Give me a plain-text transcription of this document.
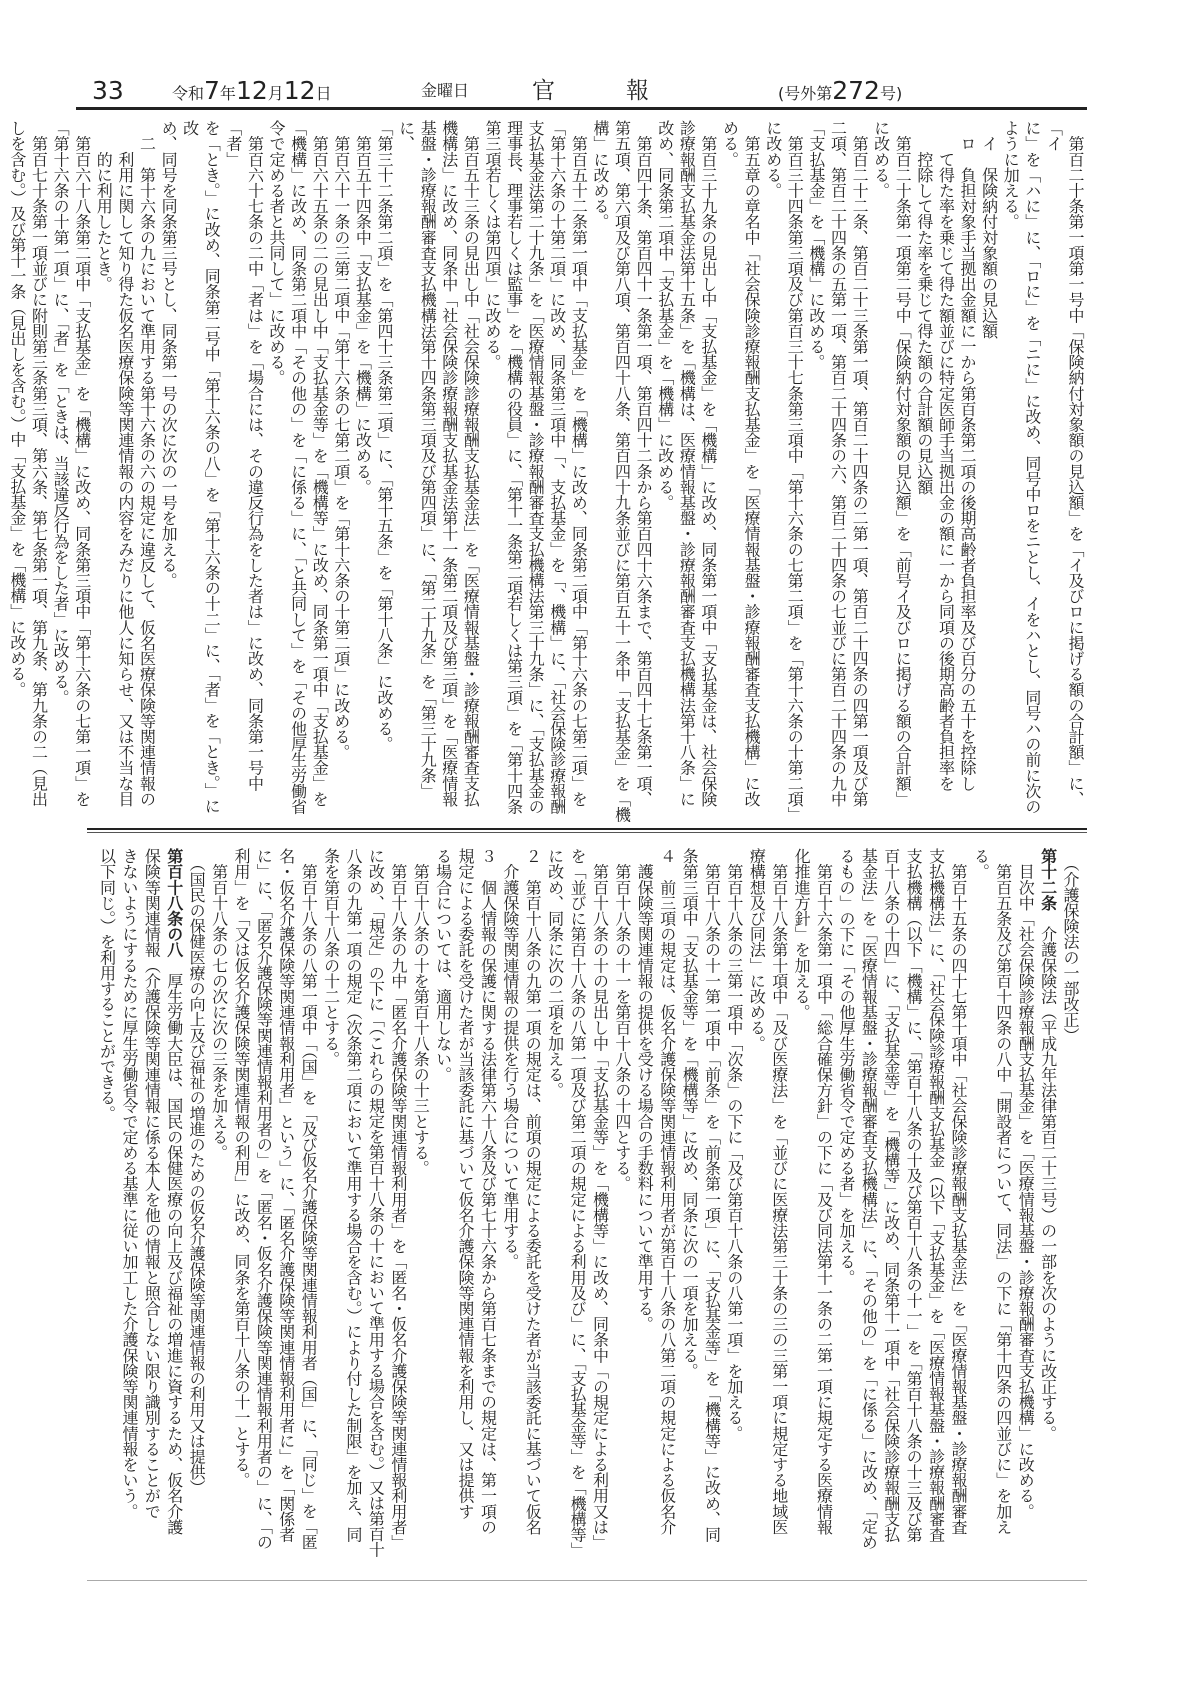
33	令和7年12月12日	金曜日	官	報	(号外第272号)
　第百二十条第一項第一号中「保険納付対象額の見込額」を「イ及びロに掲げる額の合計額」に、「イ
に」を「ハに」に、「ロに」を「ニに」に改め、同号中ロをニとし、イをハとし、同号ハの前に次の
ように加える。
　イ　保険納付対象額の見込額
　ロ　負担対象手当拠出金額に一から第百条第二項の後期高齢者負担率及び百分の五十を控除し
　　て得た率を乗じて得た額並びに特定医師手当拠出金の額に一から同項の後期高齢者負担率を
　　控除して得た率を乗じて得た額の合計額の見込額
　第百二十条第一項第二号中「保険納付対象額の見込額」を「前号イ及びロに掲げる額の合計額」
に改める。
　第百二十二条、第百二十三条第一項、第百二十四条の二第一項、第百二十四条の四第一項及び第
二項、第百二十四条の五第一項、第百二十四条の六、第百二十四条の七並びに第百二十四条の九中
「支払基金」を「機構」に改める。
　第百三十四条第三項及び第百三十七条第三項中「第十六条の七第二項」を「第十六条の十第二項」
に改める。
　第五章の章名中「社会保険診療報酬支払基金」を「医療情報基盤・診療報酬審査支払機構」に改
める。
　第百三十九条の見出し中「支払基金」を「機構」に改め、同条第一項中「支払基金は、社会保険
診療報酬支払基金法第十五条」を「機構は、医療情報基盤・診療報酬審査支払機構法第十八条」に
改め、同条第二項中「支払基金」を「機構」に改める。
　第百四十条、第百四十一条第一項、第百四十二条から第百四十六条まで、第百四十七条第一項、
第五項、第六項及び第八項、第百四十八条、第百四十九条並びに第百五十一条中「支払基金」を「機
構」に改める。
　第百五十二条第一項中「支払基金」を「機構」に改め、同条第二項中「第十六条の七第二項」を
「第十六条の十第二項」に改め、同条第三項中「、支払基金」を「、機構」に、「社会保険診療報酬
支払基金法第二十九条」を「医療情報基盤・診療報酬審査支払機構法第三十九条」に、「支払基金の
理事長、理事若しくは監事」を「機構の役員」に、「第十一条第二項若しくは第三項」を「第十四条
第三項若しくは第四項」に改める。
　第百五十三条の見出し中「社会保険診療報酬支払基金法」を「医療情報基盤・診療報酬審査支払
機構法」に改め、同条中「社会保険診療報酬支払基金法第十一条第二項及び第三項」を「医療情報
基盤・診療報酬審査支払機構法第十四条第三項及び第四項」に、「第二十九条」を「第三十九条」に、
「第三十二条第二項」を「第四十三条第二項」に、「第十五条」を「第十八条」に改める。
　第百五十四条中「支払基金」を「機構」に改める。
　第百六十一条の三第二項中「第十六条の七第二項」を「第十六条の十第二項」に改める。
　第百六十五条の二の見出し中「支払基金等」を「機構等」に改め、同条第一項中「支払基金」を
「機構」に改め、同条第二項中「その他の」を「に係る」に、「と共同して」を「その他厚生労働省
令で定める者と共同して」に改める。
　第百六十七条の二中「者は」を「場合には、その違反行為をした者は」に改め、同条第一号中「者」
を「とき。」に改め、同条第二号中「第十六条の八」を「第十六条の十二」に、「者」を「とき。」に改
め、同号を同条第三号とし、同条第一号の次に次の一号を加える。
　二　第十六条の九において準用する第十六条の六の規定に違反して、仮名医療保険等関連情報の
　　利用に関して知り得た仮名医療保険等関連情報の内容をみだりに他人に知らせ、又は不当な目
　　的に利用したとき。
　第百六十八条第二項中「支払基金」を「機構」に改め、同条第三項中「第十六条の七第一項」を
「第十六条の十第一項」に、「者」を「ときは、当該違反行為をした者」に改める。
　第百七十条第一項並びに附則第三条第三項、第六条、第七条第一項、第九条、第九条の二（見出
しを含む。）及び第十一条（見出しを含む。）中「支払基金」を「機構」に改める。
　（介護保険法の一部改正）
第十二条　介護保険法（平成九年法律第百二十三号）の一部を次のように改正する。
　目次中「社会保険診療報酬支払基金」を「医療情報基盤・診療報酬審査支払機構」に改める。
　第百五条及び第百十四条の八中「開設者について、同法」の下に「第十四条の四並びに」を加え
る。
　第百十五条の四十七第十項中「社会保険診療報酬支払基金法」を「医療情報基盤・診療報酬審査
支払機構法」に、「社会保険診療報酬支払基金（以下「支払基金」を「医療情報基盤・診療報酬審査
支払機構（以下「機構」に、「第百十八条の十及び第百十八条の十一」を「第百十八条の十三及び第
百十八条の十四」に、「支払基金等」を「機構等」に改め、同条第十一項中「社会保険診療報酬支払
基金法」を「医療情報基盤・診療報酬審査支払機構法」に、「その他の」を「に係る」に改め、「定め
るもの」の下に「その他厚生労働省令で定める者」を加える。
　第百十六条第一項中「総合確保方針」の下に「及び同法第十一条の二第一項に規定する医療情報
化推進方針」を加える。
　第百十八条第十項中「及び医療法」を「並びに医療法第三十条の三の三第一項に規定する地域医
療構想及び同法」に改める。
　第百十八条の三第一項中「次条」の下に「及び第百十八条の八第一項」を加える。
　第百十八条の十一第一項中「前条」を「前条第一項」に、「支払基金等」を「機構等」に改め、同
条第三項中「支払基金等」を「機構等」に改め、同条に次の一項を加える。
４　前三項の規定は、仮名介護保険等関連情報利用者が第百十八条の八第二項の規定による仮名介
　護保険等関連情報の提供を受ける場合の手数料について準用する。
　第百十八条の十一を第百十八条の十四とする。
　第百十八条の十の見出し中「支払基金等」を「機構等」に改め、同条中「の規定による利用又は」
を「並びに第百十八条の八第一項及び第二項の規定による利用及び」に、「支払基金等」を「機構等」
に改め、同条に次の二項を加える。
２　第百十八条の九第一項の規定は、前項の規定による委託を受けた者が当該委託に基づいて仮名
　介護保険等関連情報の提供を行う場合について準用する。
３　個人情報の保護に関する法律第六十八条及び第七十六条から第百七条までの規定は、第一項の
規定による委託を受けた者が当該委託に基づいて仮名介護保険等関連情報を利用し、又は提供す
る場合については、適用しない。
　第百十八条の十を第百十八条の十三とする。
　第百十八条の九中「匿名介護保険等関連情報利用者」を「匿名・仮名介護保険等関連情報利用者」
に改め、「規定」の下に「（これらの規定を第百十八条の十において準用する場合を含む。）又は第百十
八条の九第一項の規定（次条第二項において準用する場合を含む。）により付した制限」を加え、同
条を第百十八条の十二とする。
　第百十八条の八第一項中「（国」を「及び仮名介護保険等関連情報利用者（国」に、「同じ」を「匿
名・仮名介護保険等関連情報利用者」という」に、「匿名介護保険等関連情報利用者に」を「関係者
に」に、「匿名介護保険等関連情報利用者の」を「匿名・仮名介護保険等関連情報利用者の」に、「の
利用」を「又は仮名介護保険等関連情報の利用」に改め、同条を第百十八条の十一とする。
　第百十八条の七の次に次の三条を加える。
　（国民の保健医療の向上及び福祉の増進のための仮名介護保険等関連情報の利用又は提供）
第百十八条の八　厚生労働大臣は、国民の保健医療の向上及び福祉の増進に資するため、仮名介護
保険等関連情報（介護保険等関連情報に係る本人を他の情報と照合しない限り識別することがで
きないようにするために厚生労働省令で定める基準に従い加工した介護保険等関連情報をいう。
以下同じ。）を利用することができる。
